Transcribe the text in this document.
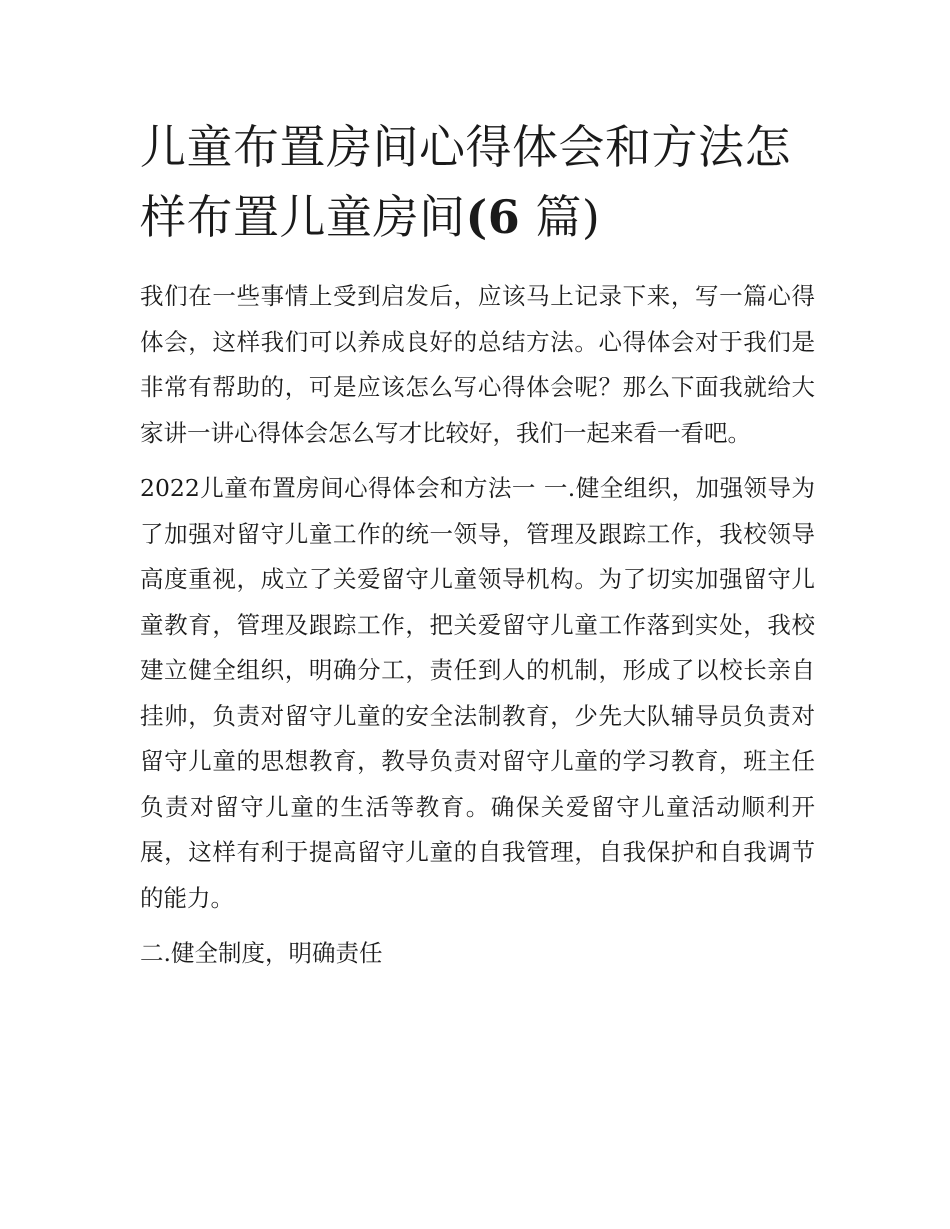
儿童布置房间心得体会和方法怎样布置儿童房间(6 篇)

我们在一些事情上受到启发后，应该马上记录下来，写一篇心得体会，这样我们可以养成良好的总结方法。心得体会对于我们是非常有帮助的，可是应该怎么写心得体会呢？那么下面我就给大家讲一讲心得体会怎么写才比较好，我们一起来看一看吧。

2022儿童布置房间心得体会和方法一 一.健全组织，加强领导为了加强对留守儿童工作的统一领导，管理及跟踪工作，我校领导高度重视，成立了关爱留守儿童领导机构。为了切实加强留守儿童教育，管理及跟踪工作，把关爱留守儿童工作落到实处，我校建立健全组织，明确分工，责任到人的机制，形成了以校长亲自挂帅，负责对留守儿童的安全法制教育，少先大队辅导员负责对留守儿童的思想教育，教导负责对留守儿童的学习教育，班主任负责对留守儿童的生活等教育。确保关爱留守儿童活动顺利开展，这样有利于提高留守儿童的自我管理，自我保护和自我调节的能力。

二.健全制度，明确责任
